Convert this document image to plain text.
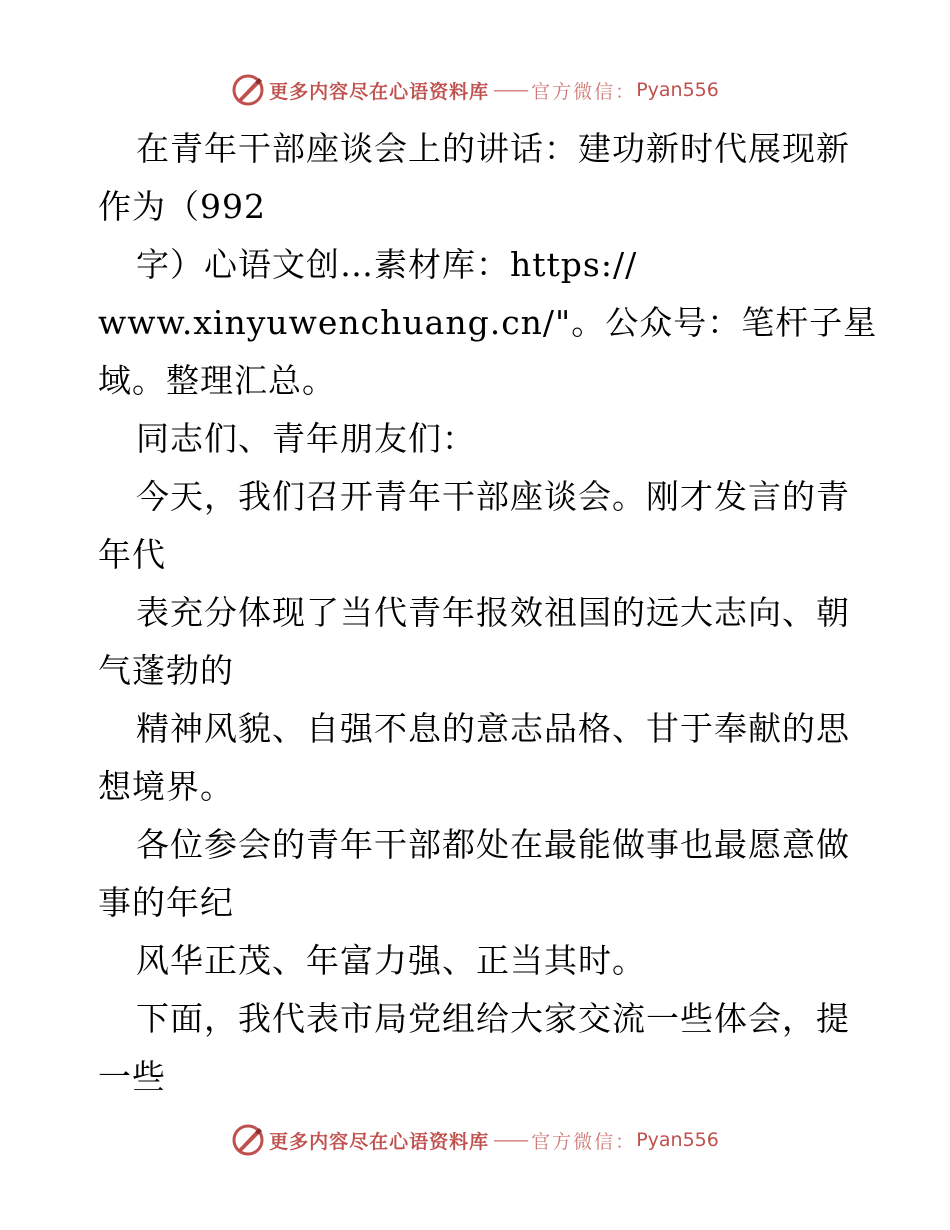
更多内容尽在心语资料库 —— 官方微信： Pyan556
在青年干部座谈会上的讲话：建功新时代展现新
作为（992
字）心语文创…素材库：https://
www.xinyuwenchuang.cn/"。公众号：笔杆子星
域。整理汇总。
同志们、青年朋友们：
今天，我们召开青年干部座谈会。刚才发言的青
年代
表充分体现了当代青年报效祖国的远大志向、朝
气蓬勃的
精神风貌、自强不息的意志品格、甘于奉献的思
想境界。
各位参会的青年干部都处在最能做事也最愿意做
事的年纪
风华正茂、年富力强、正当其时。
下面，我代表市局党组给大家交流一些体会，提
一些
更多内容尽在心语资料库 —— 官方微信： Pyan556
